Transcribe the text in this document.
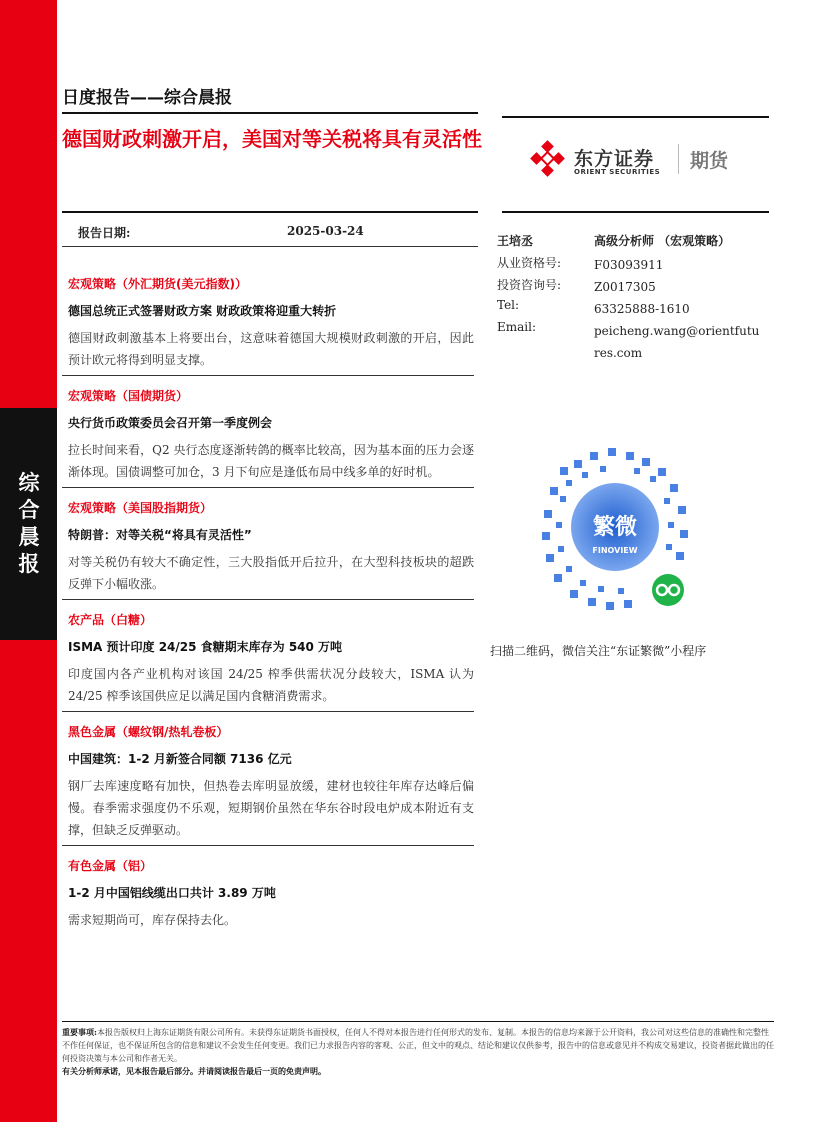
综合晨报
日度报告——综合晨报
德国财政刺激开启，美国对等关税将具有灵活性
东方证券
ORIENT SECURITIES 期货
报告日期:	2025-03-24
王培丞	高级分析师 （宏观策略）
从业资格号:	F03093911
投资咨询号:	Z0017305
Tel:	63325888-1610
Email:	peicheng.wang@orientfutures.com
繁微
FINOVIEW
扫描二维码，微信关注“东证繁微”小程序
宏观策略（外汇期货(美元指数)）
德国总统正式签署财政方案 财政政策将迎重大转折
德国财政刺激基本上将要出台，这意味着德国大规模财政刺激的开启，因此预计欧元将得到明显支撑。
宏观策略（国债期货）
央行货币政策委员会召开第一季度例会
拉长时间来看，Q2 央行态度逐渐转鸽的概率比较高，因为基本面的压力会逐渐体现。国债调整可加仓，3 月下旬应是逢低布局中线多单的好时机。
宏观策略（美国股指期货）
特朗普：对等关税“将具有灵活性”
对等关税仍有较大不确定性，三大股指低开后拉升，在大型科技板块的超跌反弹下小幅收涨。
农产品（白糖）
ISMA 预计印度 24/25 食糖期末库存为 540 万吨
印度国内各产业机构对该国 24/25 榨季供需状况分歧较大，ISMA 认为 24/25 榨季该国供应足以满足国内食糖消费需求。
黑色金属（螺纹钢/热轧卷板）
中国建筑：1-2 月新签合同额 7136 亿元
钢厂去库速度略有加快，但热卷去库明显放缓，建材也较往年库存达峰后偏慢。春季需求强度仍不乐观，短期钢价虽然在华东谷时段电炉成本附近有支撑，但缺乏反弹驱动。
有色金属（铝）
1-2 月中国铝线缆出口共计 3.89 万吨
需求短期尚可，库存保持去化。
重要事项:本报告版权归上海东证期货有限公司所有。未获得东证期货书面授权，任何人不得对本报告进行任何形式的发布、复制。本报告的信息均来源于公开资料，我公司对这些信息的准确性和完整性不作任何保证，也不保证所包含的信息和建议不会发生任何变更。我们已力求报告内容的客观、公正，但文中的观点、结论和建议仅供参考，报告中的信息或意见并不构成交易建议，投资者据此做出的任何投资决策与本公司和作者无关。
有关分析师承诺，见本报告最后部分。并请阅读报告最后一页的免责声明。
